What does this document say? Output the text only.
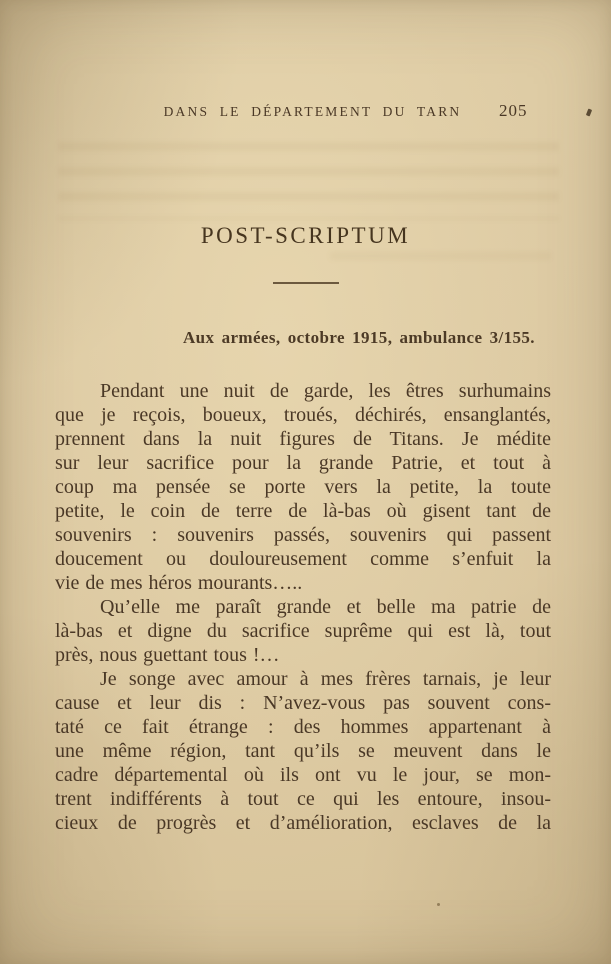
DANS LE DÉPARTEMENT DU TARN 205
POST-SCRIPTUM
Aux armées, octobre 1915, ambulance 3/155.
Pendant une nuit de garde, les êtres surhumains
que je reçois, boueux, troués, déchirés, ensanglantés,
prennent dans la nuit figures de Titans. Je médite
sur leur sacrifice pour la grande Patrie, et tout à
coup ma pensée se porte vers la petite, la toute
petite, le coin de terre de là-bas où gisent tant de
souvenirs : souvenirs passés, souvenirs qui passent
doucement ou douloureusement comme s’enfuit la
vie de mes héros mourants…..
Qu’elle me paraît grande et belle ma patrie de
là-bas et digne du sacrifice suprême qui est là, tout
près, nous guettant tous !…
Je songe avec amour à mes frères tarnais, je leur
cause et leur dis : N’avez-vous pas souvent cons-
taté ce fait étrange : des hommes appartenant à
une même région, tant qu’ils se meuvent dans le
cadre départemental où ils ont vu le jour, se mon-
trent indifférents à tout ce qui les entoure, insou-
cieux de progrès et d’amélioration, esclaves de la
